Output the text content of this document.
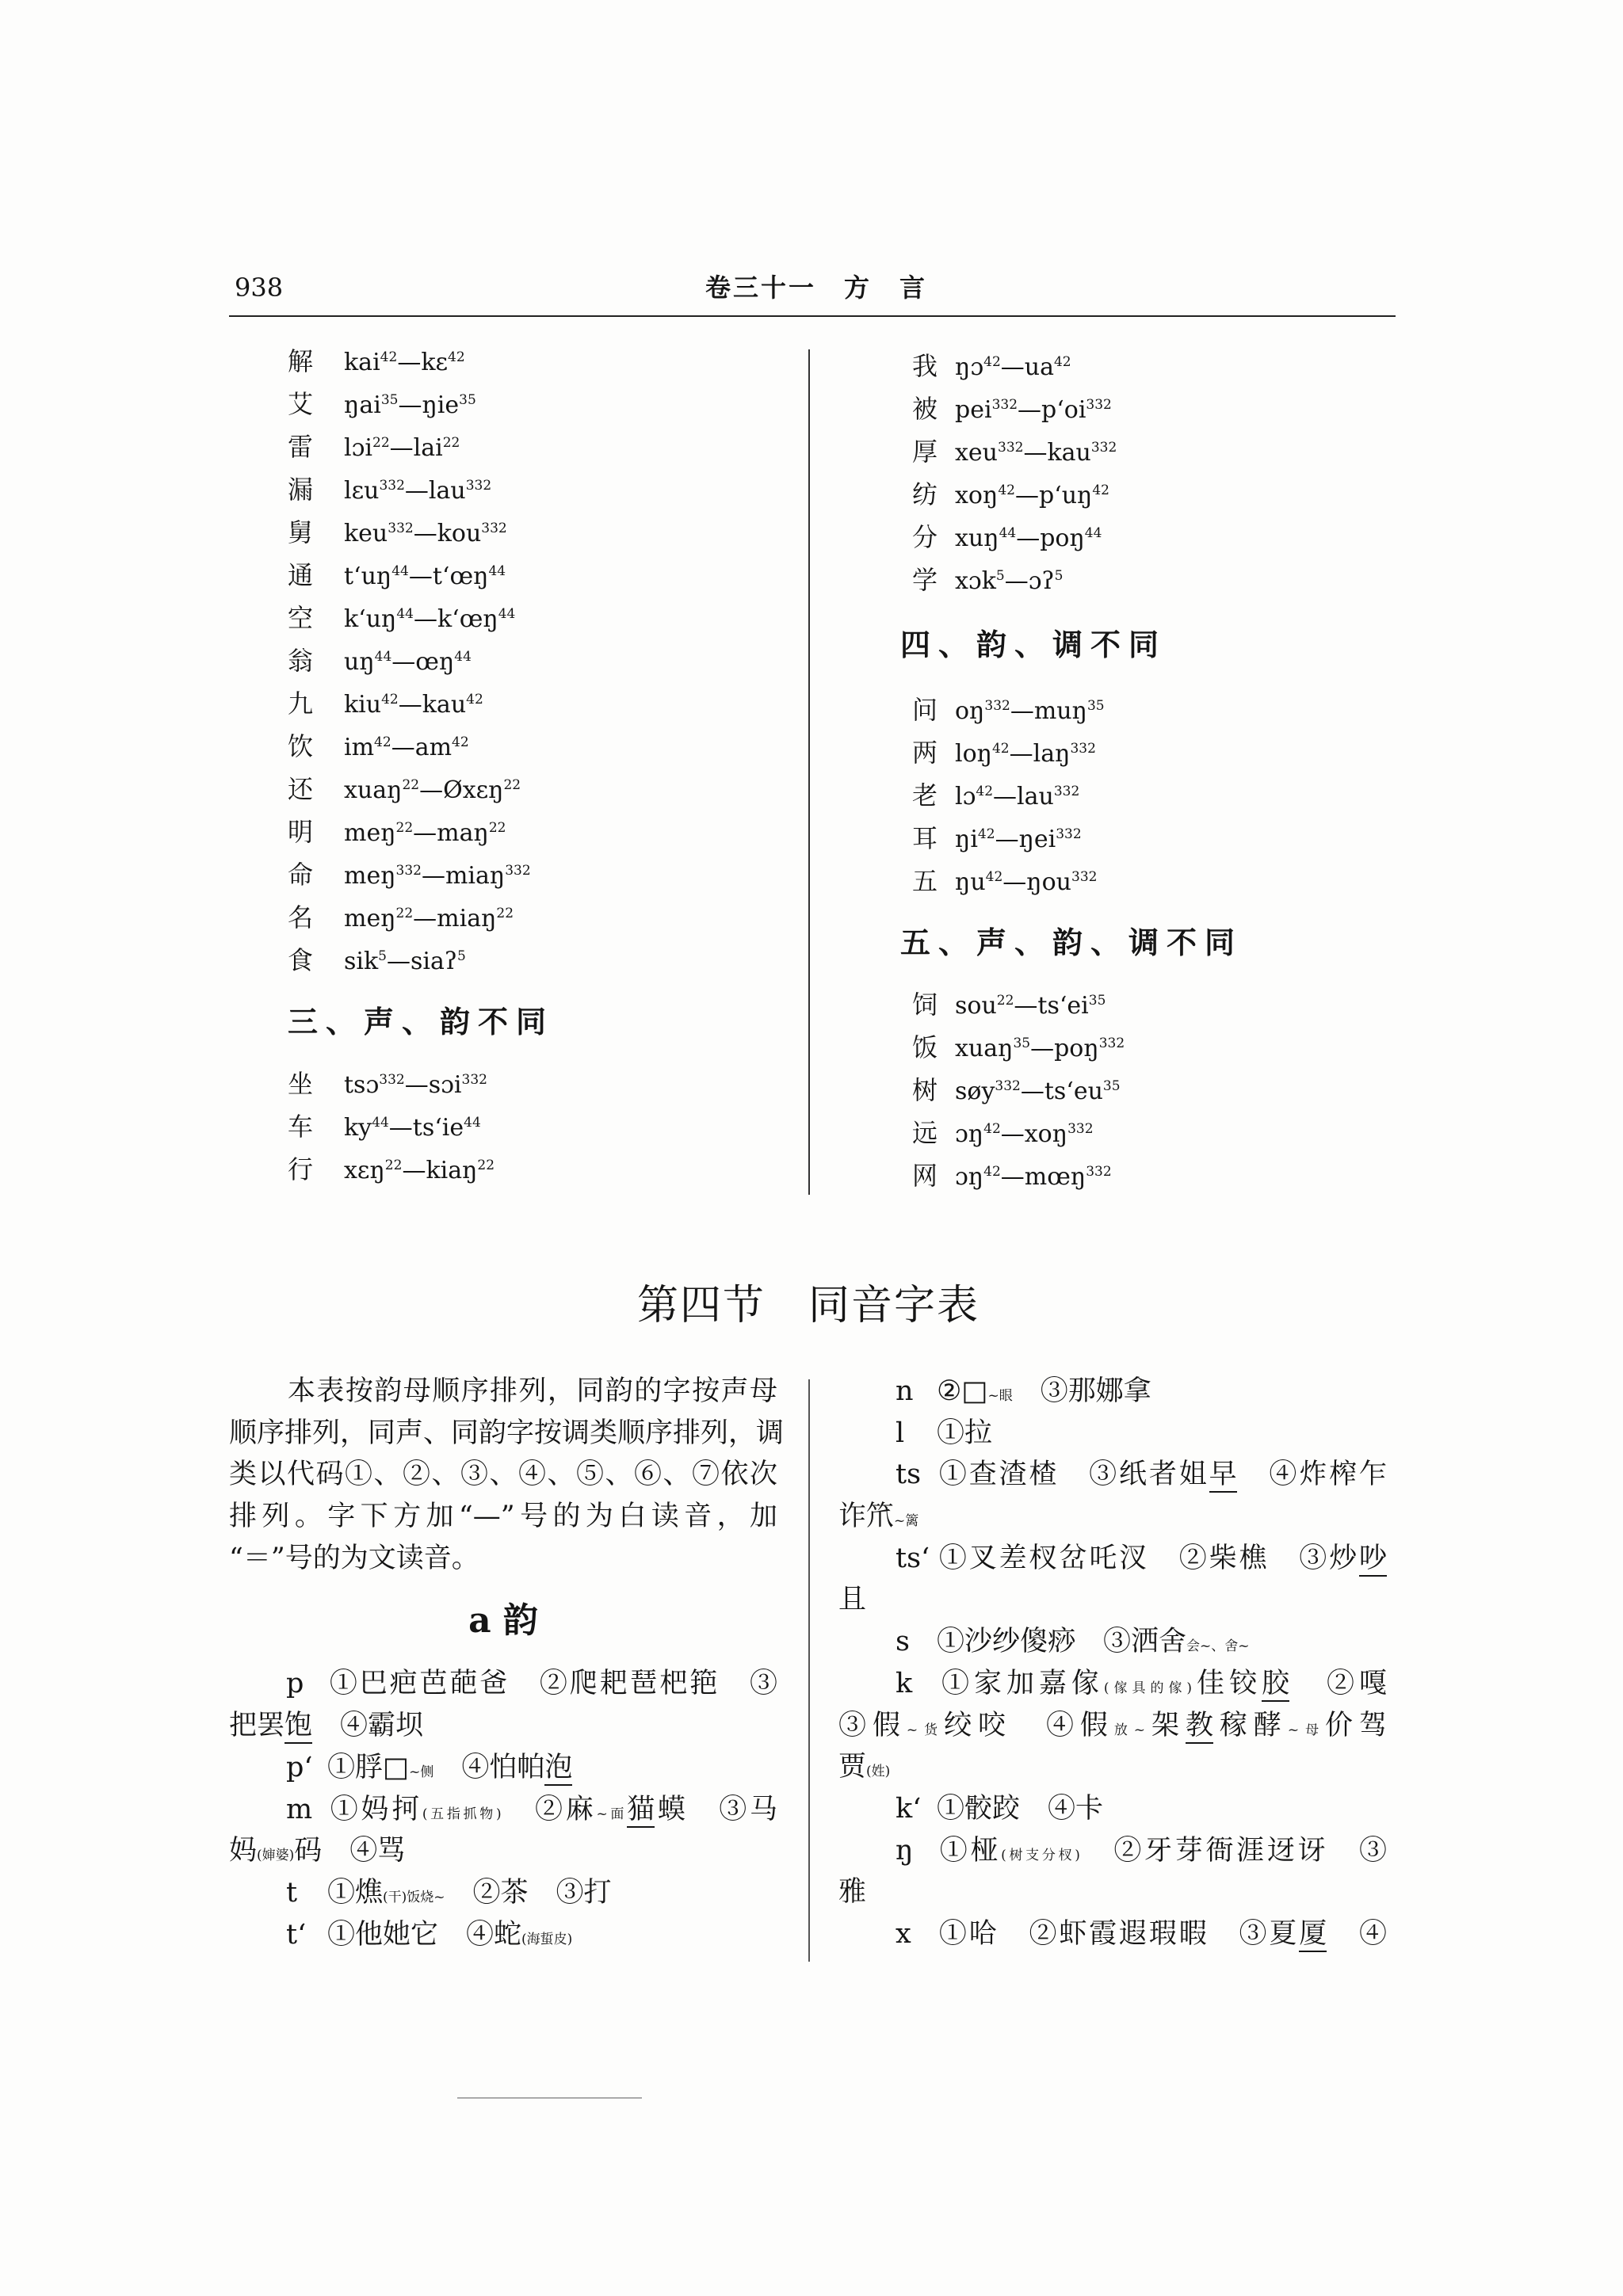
938	卷三十一　方　言
解 kai$^{42}$—kɛ$^{42}$
艾 ŋai$^{35}$—ŋie$^{35}$
雷 lɔi$^{22}$—lai$^{22}$
漏 lɛu$^{332}$—lau$^{332}$
舅 keu$^{332}$—kou$^{332}$
通 $t‘uŋ^{44}—t‘œŋ^{44}$
空 $k‘uŋ^{44}—k‘œŋ^{44}$
翁 $uŋ^{44}—œŋ^{44}$
九 kiu$^{42}$—kau$^{42}$
饮 $im^{42}—am^{42}$
还 xuaŋ$^{22}$—Øxɛŋ$^{22}$
明 meŋ$^{22}$—maŋ$^{22}$
命 meŋ$^{332}$—miaŋ$^{332}$
名 meŋ$^{22}$—miaŋ$^{22}$
食 sik$^5$—siaʔ$^5$
三、声、韵不同
坐 tsɔ$^{332}$—sɔi$^{332}$
车 $ky^{44}—ts‘ie^{44}$
行 xɛŋ$^{22}$—kiaŋ$^{22}$
我 $ŋɔ^{42}—ua^{42}$
被 $pei^{332}—p‘oi^{332}$
厚 xeu$^{332}$—kau$^{332}$
纺 $xoŋ^{42}—p‘uŋ^{42}$
分 xuŋ$^{44}$—poŋ$^{44}$
学 xɔk$^5$—ɔʔ$^5$
四、韵、调不同
问 $oŋ^{332}—muŋ^{35}$
两 loŋ$^{42}$—laŋ$^{332}$
老 lɔ$^{42}$—lau$^{332}$
耳 $ŋi^{42}—ŋei^{332}$
五 $ŋu^{42}—ŋou^{332}$
五、声、韵、调不同
饲 $sou^{22}—ts‘ei^{35}$
饭 xuaŋ$^{35}$—poŋ$^{332}$
树 $søy^{332}—ts‘eu^{35}$
远 ɔŋ$^{42}$—xoŋ$^{332}$
网 ɔŋ$^{42}$—mœŋ$^{332}$
第四节　同音字表
本表按韵母顺序排列，同韵的字按声母
顺序排列，同声、同韵字按调类顺序排列，调
类以代码①、②、③、④、⑤、⑥、⑦依次
排列。字下方加“—”号的为白读音，加
“＝”号的为文读音。
a 韵
p ①巴疤芭葩爸　②爬耙琶杷筢　③
把罢饱　④霸坝
p‘ ①脬□~侧　④怕帕泡
m ①妈抲(五指抓物)　②麻~面猫蟆　③马
妈(婶婆)码　④骂
t ①燋(干)饭烧~　②茶　③打
t‘ ①他她它　④蛇(海蜇皮)
n ②□~眼　③那娜拿
l ①拉
ts ①查渣楂　③纸者姐早　④炸榨乍
诈笊~篱
ts‘ ①叉差杈岔吒汊　②柴樵　③炒吵
且
s ①沙纱傻痧　③洒舍会~、舍~
k ①家加嘉傢(傢具的傢)佳铰胶　②嘎
③假~货绞咬　④假放~架教稼酵~母价驾
贾(姓)
k‘ ①骹跤　④卡
ŋ ①桠(树支分杈)　②牙芽衙涯迓讶　③
雅
x ①哈　②虾霞遐瑕暇　③夏厦　④
